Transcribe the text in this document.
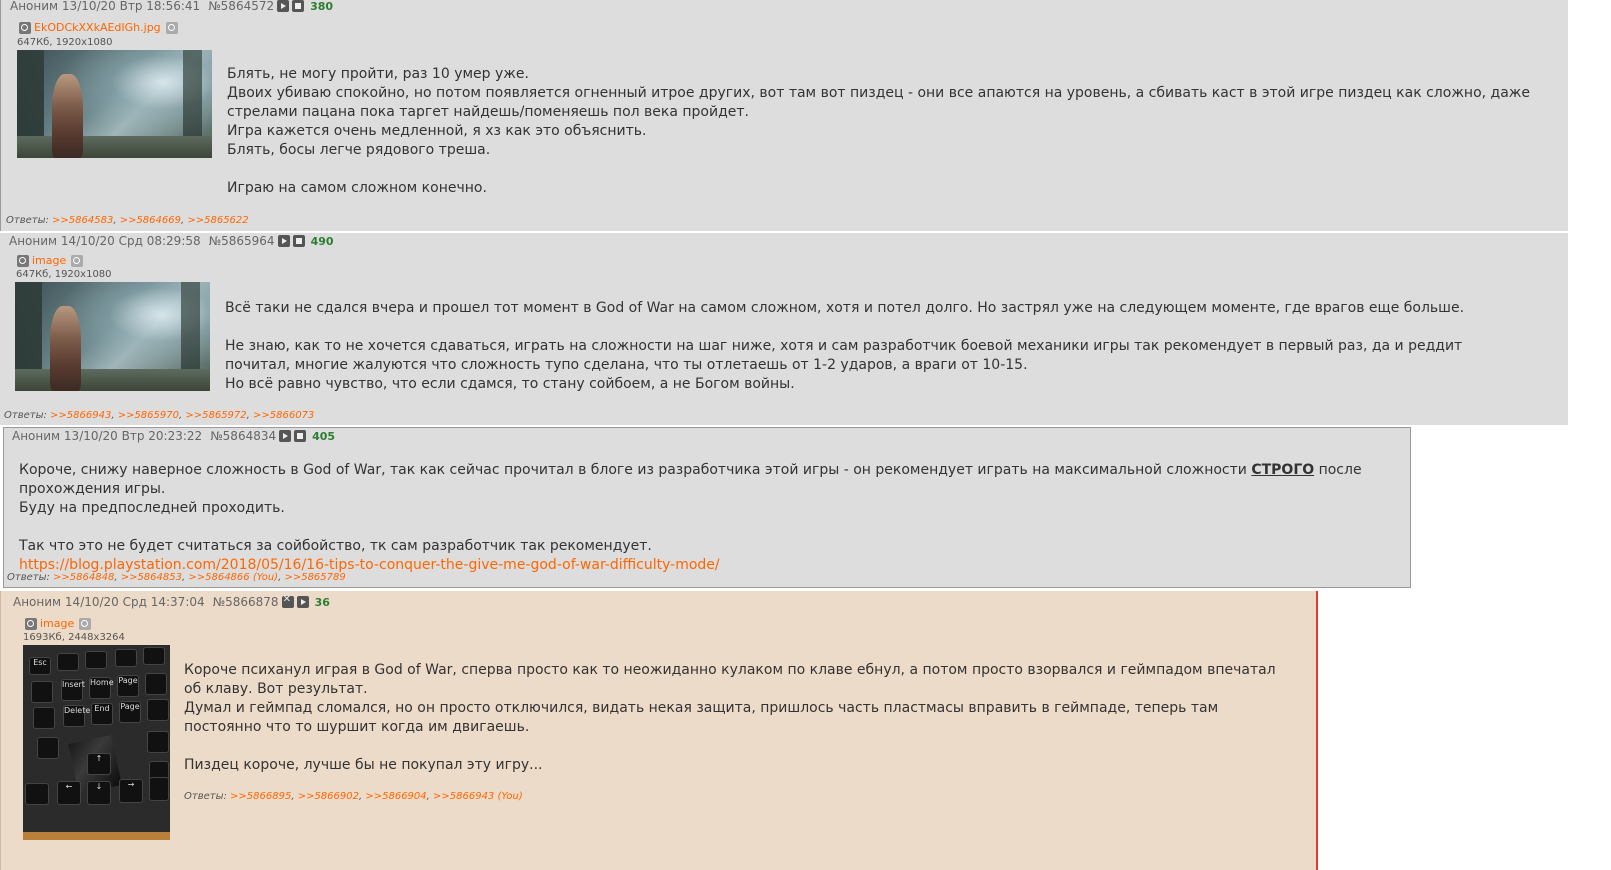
Аноним
13/10/20 Втр 18:56:41 №5864572	380
EkODCkXXkAEdIGh.jpg
647Кб, 1920x1080

Блять, не могу пройти, раз 10 умер уже.

Двоих убиваю спокойно, но потом появляется огненный итрое других, вот там вот пиздец - они все апаются на уровень, а сбивать каст в этой игре пиздец как сложно, даже стрелами пацана пока таргет найдешь/поменяешь пол века пройдет.

Игра кажется очень медленной, я хз как это объяснить.

Блять, босы легче рядового треша.

Играю на самом сложном конечно.

Ответы: >>5864583, >>5864669, >>5865622
Аноним
14/10/20 Срд 08:29:58 №5865964	490
image
647Кб, 1920x1080

Всё таки не сдался вчера и прошел тот момент в God of War на самом сложном, хотя и потел долго. Но застрял уже на следующем моменте, где врагов еще больше.

Не знаю, как то не хочется сдаваться, играть на сложности на шаг ниже, хотя и сам разработчик боевой механики игры так рекомендует в первый раз, да и реддит почитал, многие жалуются что сложность тупо сделана, что ты отлетаешь от 1-2 ударов, а враги от 10-15.

Но всё равно чувство, что если сдамся, то стану сойбоем, а не Богом войны.

Ответы: >>5866943, >>5865970, >>5865972, >>5866073
Аноним
13/10/20 Втр 20:23:22 №5864834	405

Короче, снижу наверное сложность в God of War, так как сейчас прочитал в блоге из разработчика этой игры - он рекомендует играть на максимальной сложности СТРОГО после прохождения игры.

Буду на предпоследней проходить.

Так что это не будет считаться за сойбойство, тк сам разработчик так рекомендует.

https://blog.playstation.com/2018/05/16/16-tips-to-conquer-the-give-me-god-of-war-difficulty-mode/

Ответы: >>5864848, >>5864853, >>5864866 (You), >>5865789
Аноним
14/10/20 Срд 14:37:04 №5866878 ✕	36
image
1693Кб, 2448x3264
Esc
Insert Home Page
Delete End	Page
↑
←	↓	→

Короче психанул играя в God of War, сперва просто как то неожиданно кулаком по клаве ебнул, а потом просто взорвался и геймпадом впечатал об клаву. Вот результат.

Думал и геймпад сломался, но он просто отключился, видать некая защита, пришлось часть пластмасы вправить в геймпаде, теперь там постоянно что то шуршит когда им двигаешь.

Пиздец короче, лучше бы не покупал эту игру...

Ответы: >>5866895, >>5866902, >>5866904, >>5866943 (You)
